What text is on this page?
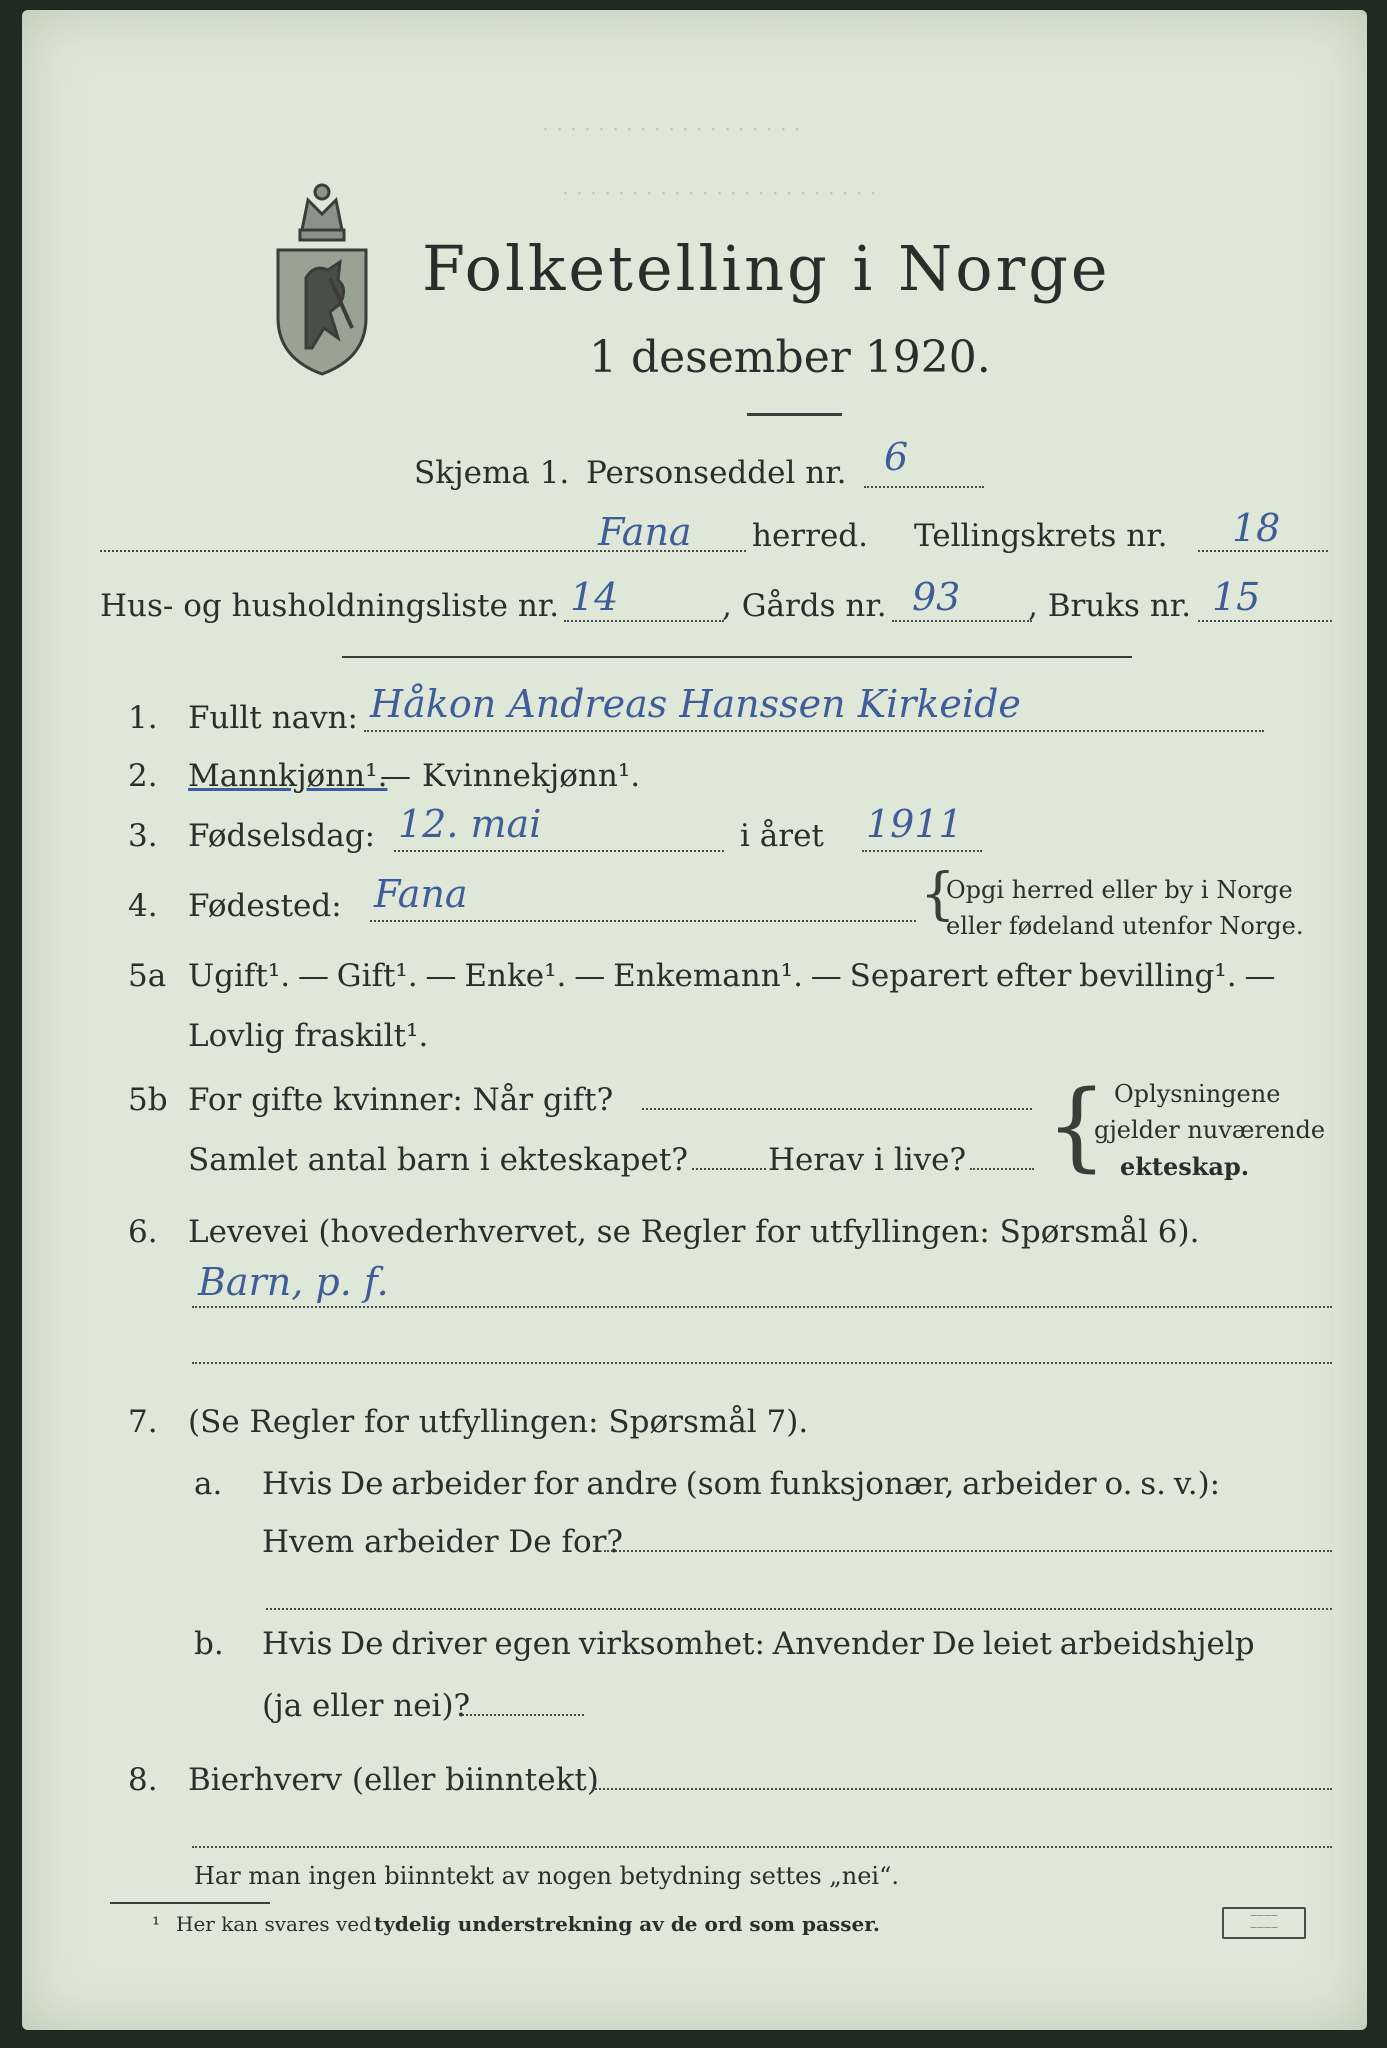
· · · · · · · · · · · · · · · · · · ·
· · · · · · · · · · · · · · · · · · · · · · ·
Folketelling i Norge
1 desember 1920.
Skjema 1. Personseddel nr. 6
Fana herred. Tellingskrets nr. 18
Hus- og husholdningsliste nr. 14	, Gårds nr. 93 , Bruks nr. 15
1. Fullt navn: Håkon Andreas Hanssen Kirkeide
2. Mannkjønn¹.
— Kvinnekjønn¹.
3. Fødselsdag: 12. mai	i året 1911
4. Fødested: Fana	{
Opgi herred eller by i Norge
eller fødeland utenfor Norge.
5a Ugift¹. — Gift¹. — Enke¹. — Enkemann¹. — Separert efter bevilling¹. —
Lovlig fraskilt¹.
5b For gifte kvinner: Når gift?
Samlet antal barn i ekteskapet?	Herav i live? { Oplysningene
gjelder nuværende
ekteskap.
6. Levevei (hovederhvervet, se Regler for utfyllingen: Spørsmål 6).
Barn, p. f.
7. (Se Regler for utfyllingen: Spørsmål 7).
a. Hvis De arbeider for andre (som funksjonær, arbeider o. s. v.):
Hvem arbeider De for?
b. Hvis De driver egen virksomhet: Anvender De leiet arbeidshjelp
(ja eller nei)?
8. Bierhverv (eller biinntekt)
Har man ingen biinntekt av nogen betydning settes „nei“.
¹ Her kan svares ved tydelig understrekning av de ord som passer.	————
————
